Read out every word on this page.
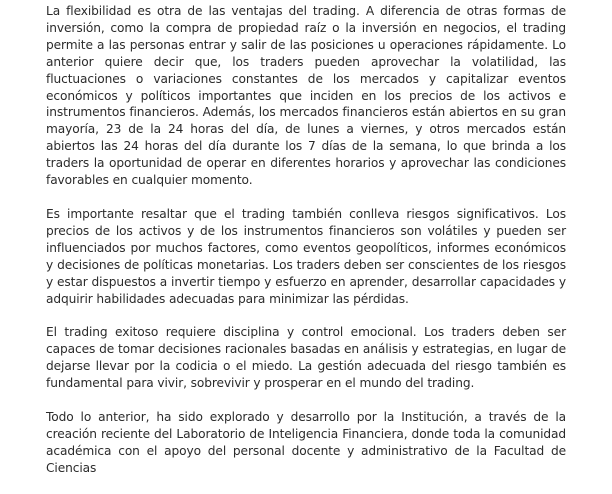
La flexibilidad es otra de las ventajas del trading. A diferencia de otras formas de inversión, como la compra de propiedad raíz o la inversión en negocios, el trading permite a las personas entrar y salir de las posiciones u operaciones rápidamente. Lo anterior quiere decir que, los traders pueden aprovechar la volatilidad, las fluctuaciones o variaciones constantes de los mercados y capitalizar eventos económicos y políticos importantes que inciden en los precios de los activos e instrumentos financieros. Además, los mercados financieros están abiertos en su gran mayoría, 23 de la 24 horas del día, de lunes a viernes, y otros mercados están abiertos las 24 horas del día durante los 7 días de la semana, lo que brinda a los traders la oportunidad de operar en diferentes horarios y aprovechar las condiciones favorables en cualquier momento.

Es importante resaltar que el trading también conlleva riesgos significativos. Los precios de los activos y de los instrumentos financieros son volátiles y pueden ser influenciados por muchos factores, como eventos geopolíticos, informes económicos y decisiones de políticas monetarias. Los traders deben ser conscientes de los riesgos y estar dispuestos a invertir tiempo y esfuerzo en aprender, desarrollar capacidades y adquirir habilidades adecuadas para minimizar las pérdidas.

El trading exitoso requiere disciplina y control emocional. Los traders deben ser capaces de tomar decisiones racionales basadas en análisis y estrategias, en lugar de dejarse llevar por la codicia o el miedo. La gestión adecuada del riesgo también es fundamental para vivir, sobrevivir y prosperar en el mundo del trading.

Todo lo anterior, ha sido explorado y desarrollo por la Institución, a través de la creación reciente del Laboratorio de Inteligencia Financiera, donde toda la comunidad académica con el apoyo del personal docente y administrativo de la Facultad de Ciencias
